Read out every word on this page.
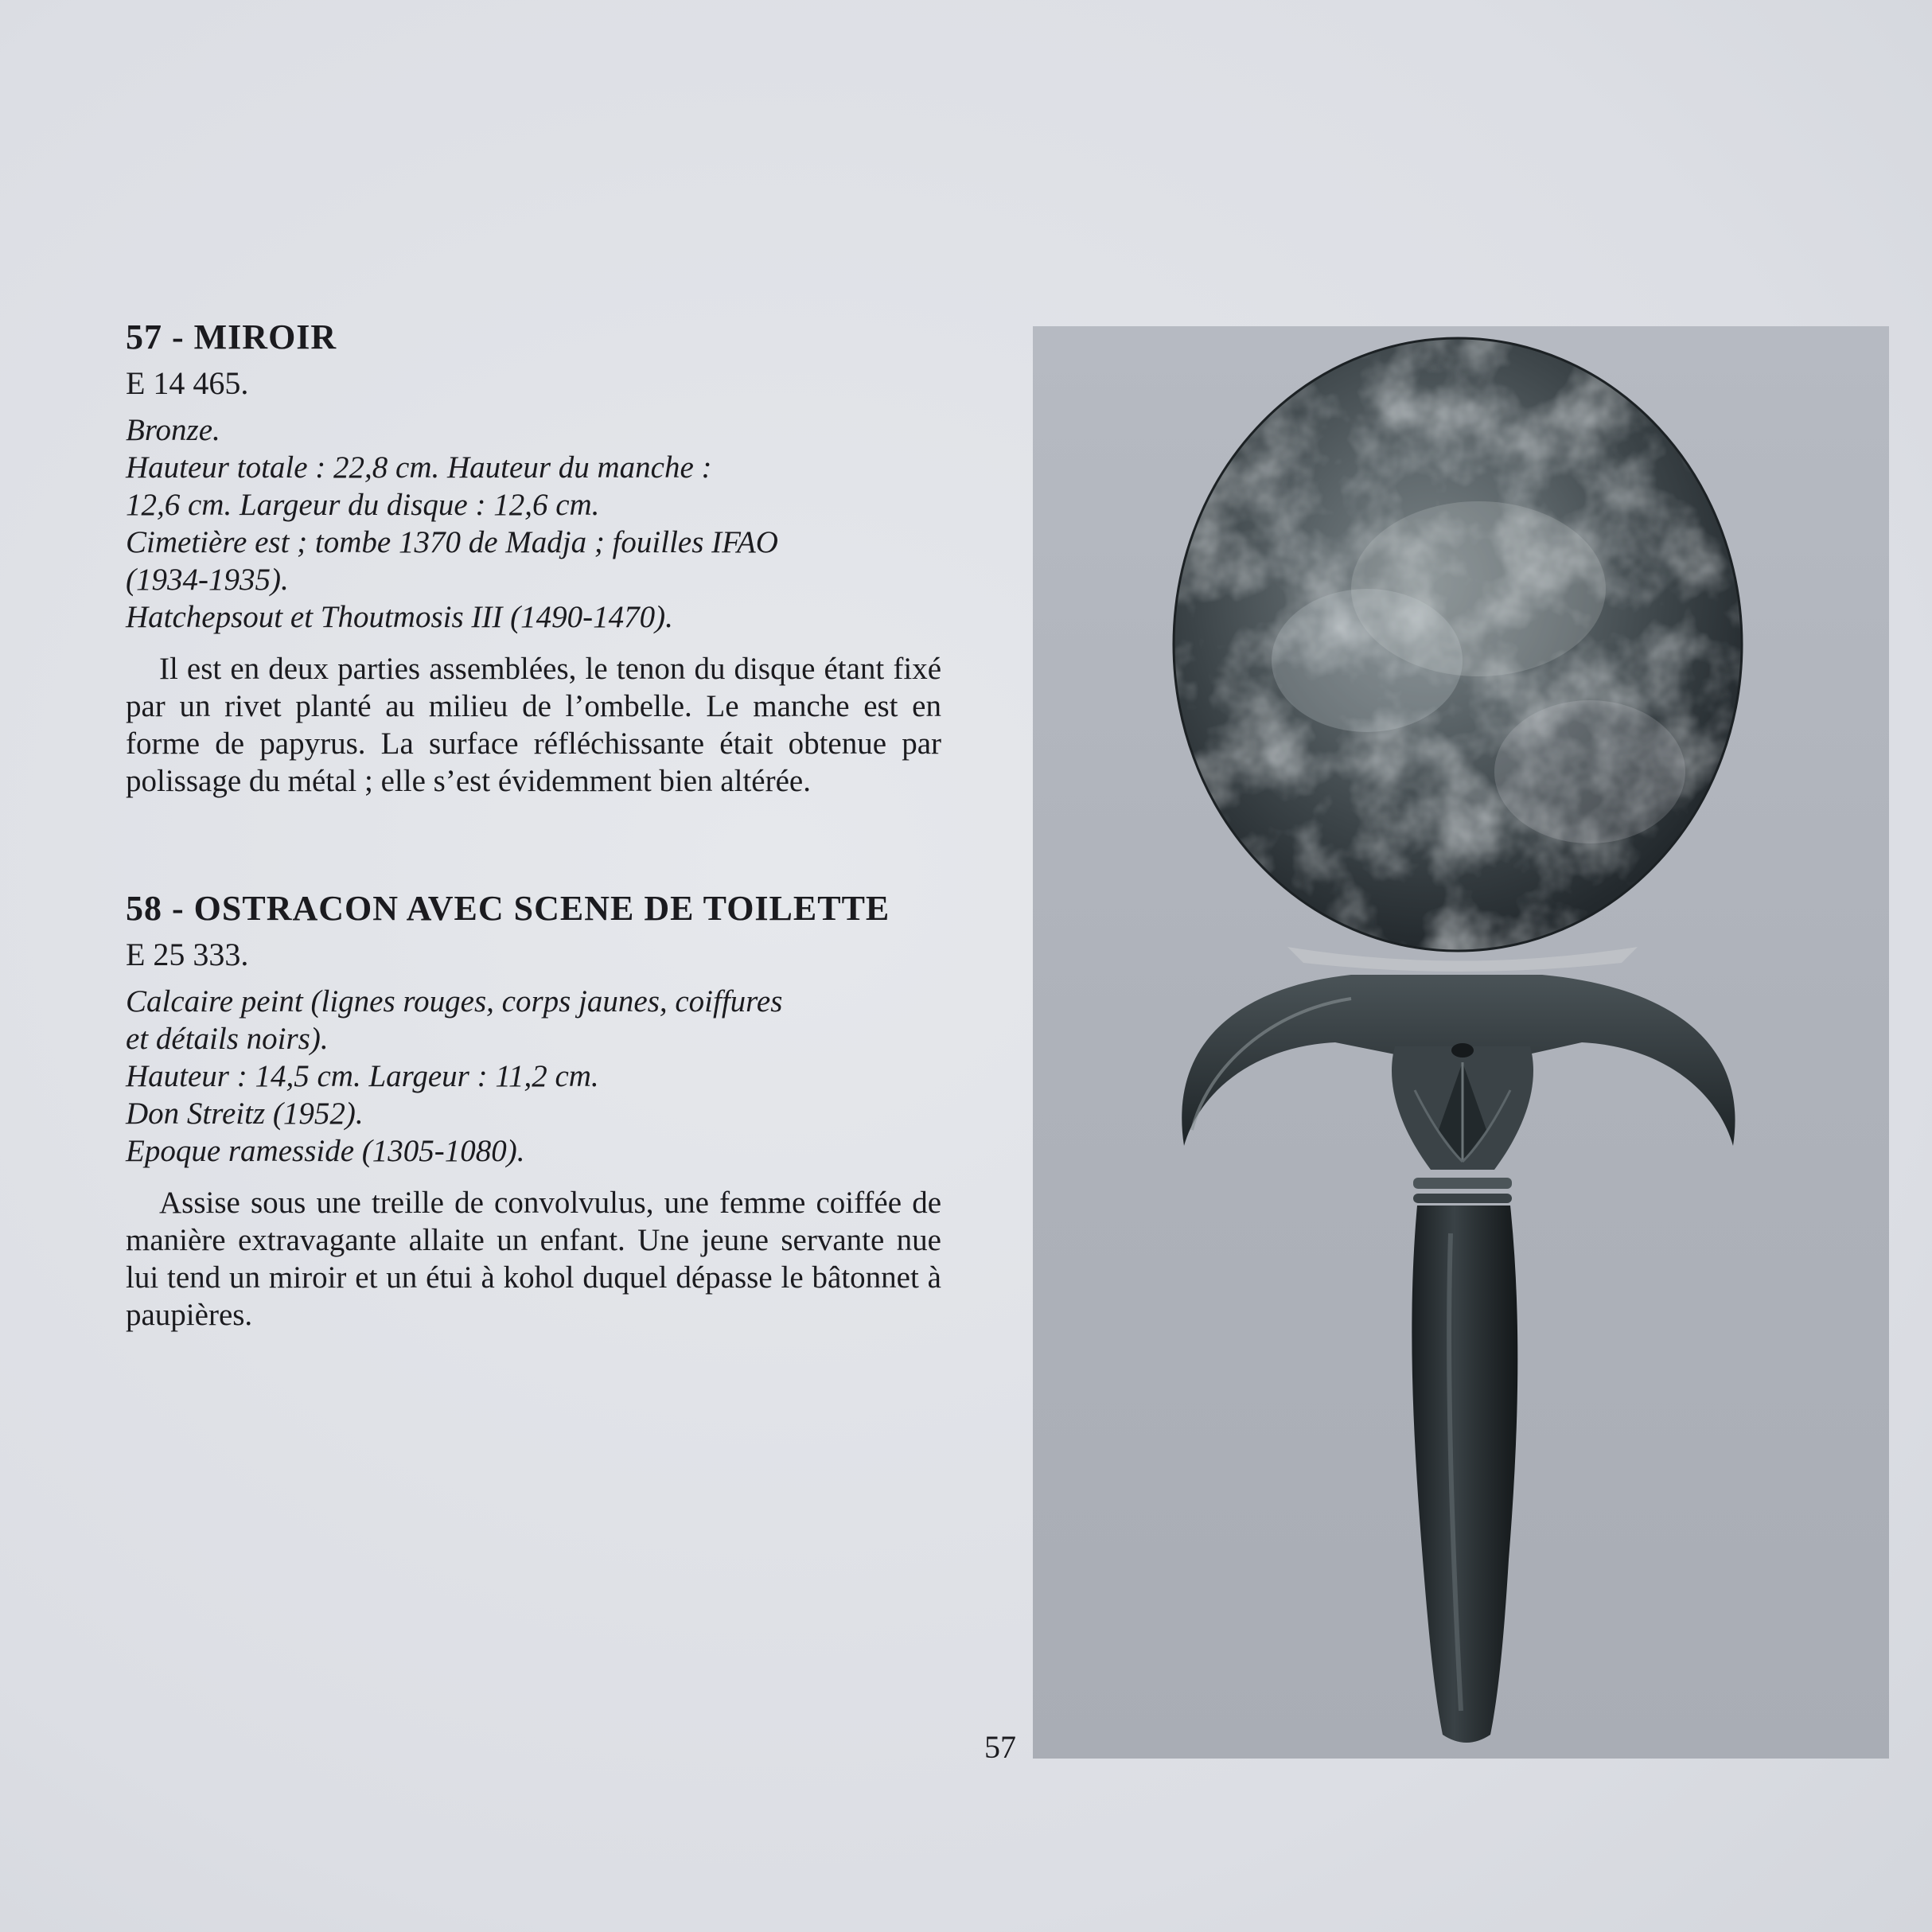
57 - MIROIR

E 14 465.

Bronze.
Hauteur totale : 22,8 cm. Hauteur du manche :
12,6 cm. Largeur du disque : 12,6 cm.
Cimetière est ; tombe 1370 de Madja ; fouilles IFAO
(1934-1935).
Hatchepsout et Thoutmosis III (1490-1470).

Il est en deux parties assemblées, le tenon du disque étant fixé par un rivet planté au milieu de l’ombelle. Le manche est en forme de papyrus. La surface réfléchissante était obtenue par polissage du métal ; elle s’est évidemment bien altérée.

58 - OSTRACON AVEC SCENE DE TOILETTE

E 25 333.

Calcaire peint (lignes rouges, corps jaunes, coiffures
et détails noirs).
Hauteur : 14,5 cm. Largeur : 11,2 cm.
Don Streitz (1952).
Epoque ramesside (1305-1080).

Assise sous une treille de convolvulus, une femme coiffée de manière extravagante allaite un enfant. Une jeune servante nue lui tend un miroir et un étui à kohol duquel dépasse le bâtonnet à paupières.

57
